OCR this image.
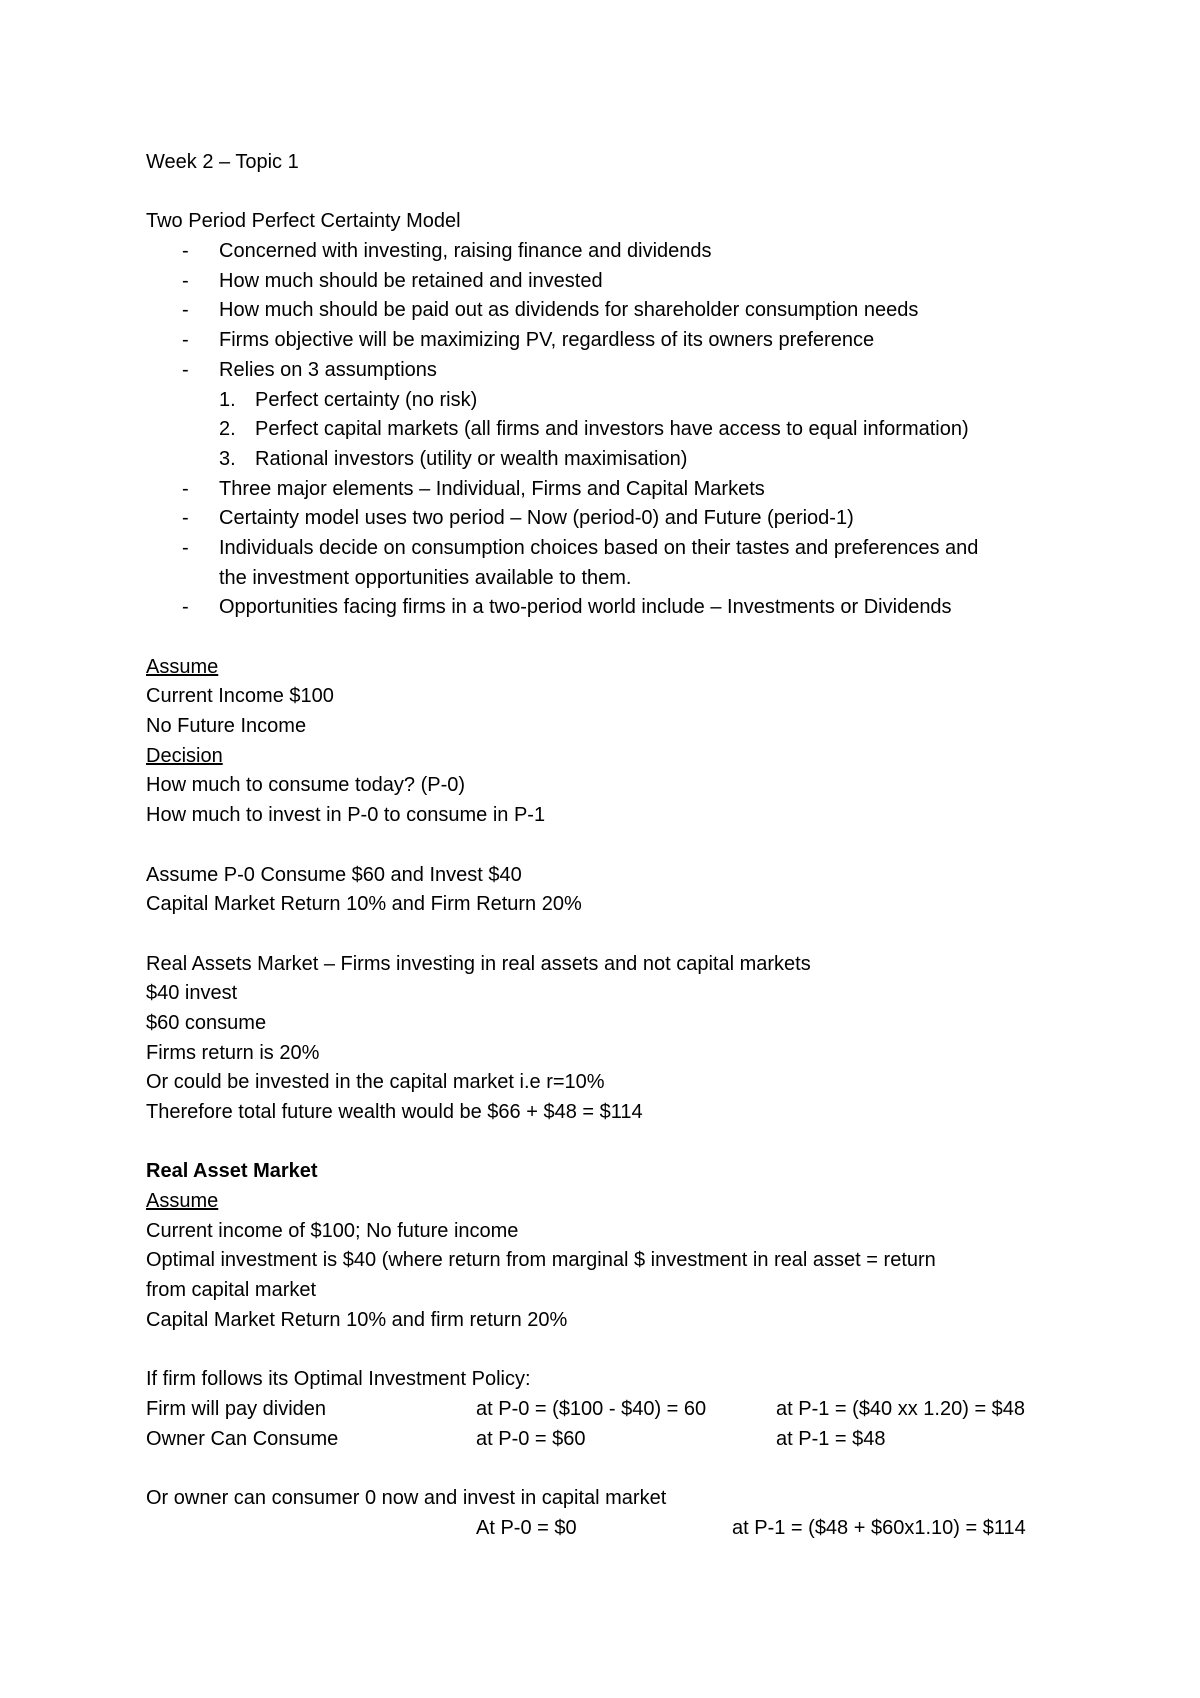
Week 2 – Topic 1
Two Period Perfect Certainty Model
- Concerned with investing, raising finance and dividends
- How much should be retained and invested
- How much should be paid out as dividends for shareholder consumption needs
- Firms objective will be maximizing PV, regardless of its owners preference
- Relies on 3 assumptions
1. Perfect certainty (no risk)
2. Perfect capital markets (all firms and investors have access to equal information)
3. Rational investors (utility or wealth maximisation)
- Three major elements – Individual, Firms and Capital Markets
- Certainty model uses two period – Now (period-0) and Future (period-1)
- Individuals decide on consumption choices based on their tastes and preferences and
the investment opportunities available to them.
- Opportunities facing firms in a two-period world include – Investments or Dividends
Assume
Current Income $100
No Future Income
Decision
How much to consume today? (P-0)
How much to invest in P-0 to consume in P-1
Assume P-0 Consume $60 and Invest $40
Capital Market Return 10% and Firm Return 20%
Real Assets Market – Firms investing in real assets and not capital markets
$40 invest
$60 consume
Firms return is 20%
Or could be invested in the capital market i.e r=10%
Therefore total future wealth would be $66 + $48 = $114
Real Asset Market
Assume
Current income of $100; No future income
Optimal investment is $40 (where return from marginal $ investment in real asset = return
from capital market
Capital Market Return 10% and firm return 20%
If firm follows its Optimal Investment Policy:
Firm will pay dividen	at P-0 = ($100 - $40) = 60	at P-1 = ($40 xx 1.20) = $48
Owner Can Consume	at P-0 = $60	at P-1 = $48
Or owner can consumer 0 now and invest in capital market
At P-0 = $0	at P-1 = ($48 + $60x1.10) = $114
